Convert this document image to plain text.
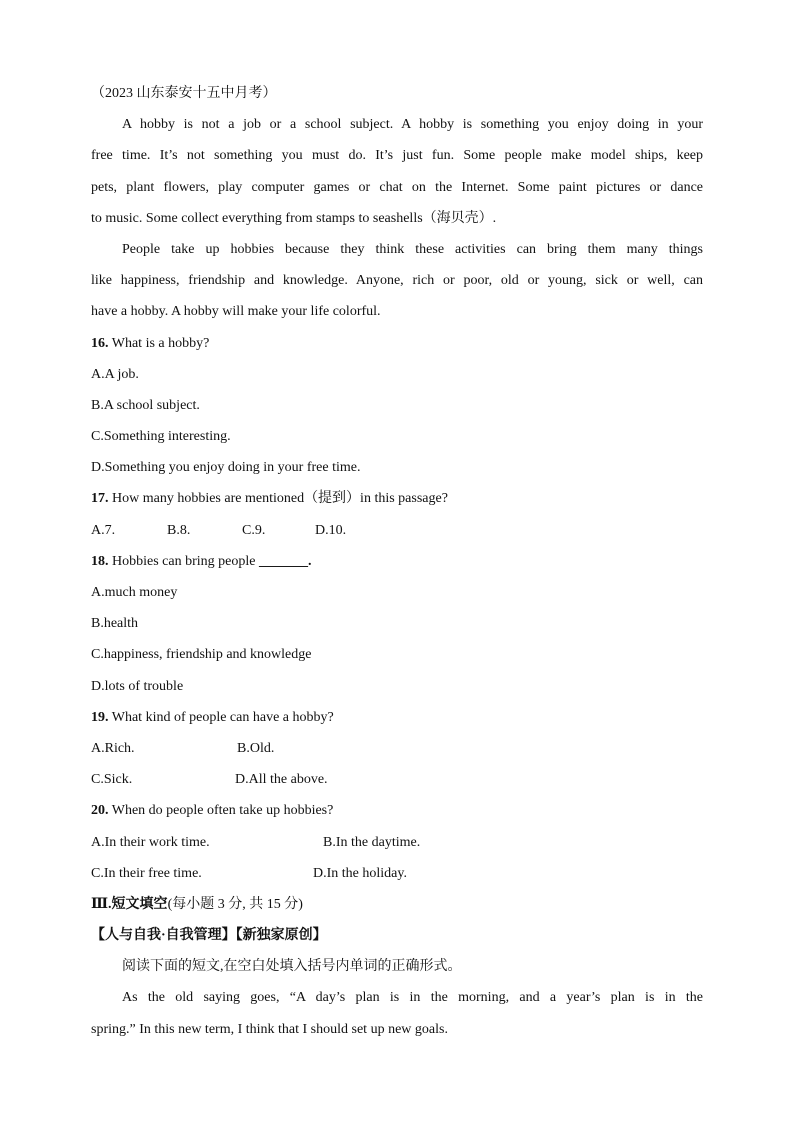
（2023 山东泰安十五中月考）
A hobby is not a job or a school subject. A hobby is something you enjoy doing in your
free time. It’s not something you must do. It’s just fun. Some people make model ships, keep
pets, plant flowers, play computer games or chat on the Internet. Some paint pictures or dance
to music. Some collect everything from stamps to seashells（海贝壳）.
People take up hobbies because they think these activities can bring them many things
like happiness, friendship and knowledge. Anyone, rich or poor, old or young, sick or well, can
have a hobby. A hobby will make your life colorful.
16. What is a hobby?
A.A job.
B.A school subject.
C.Something interesting.
D.Something you enjoy doing in your free time.
17. How many hobbies are mentioned（提到）in this passage?
A.7.	B.8.	C.9.	D.10.
18. Hobbies can bring people _______.
A.much money
B.health
C.happiness, friendship and knowledge
D.lots of trouble
19. What kind of people can have a hobby?
A.Rich.	B.Old.
C.Sick.	D.All the above.
20. When do people often take up hobbies?
A.In their work time.	B.In the daytime.
C.In their free time.	D.In the holiday.
Ⅲ.短文填空(每小题 3 分, 共 15 分)
【人与自我·自我管理】【新独家原创】
阅读下面的短文,在空白处填入括号内单词的正确形式。
As the old saying goes, “A day’s plan is in the morning, and a year’s plan is in the
spring.” In this new term, I think that I should set up new goals.
